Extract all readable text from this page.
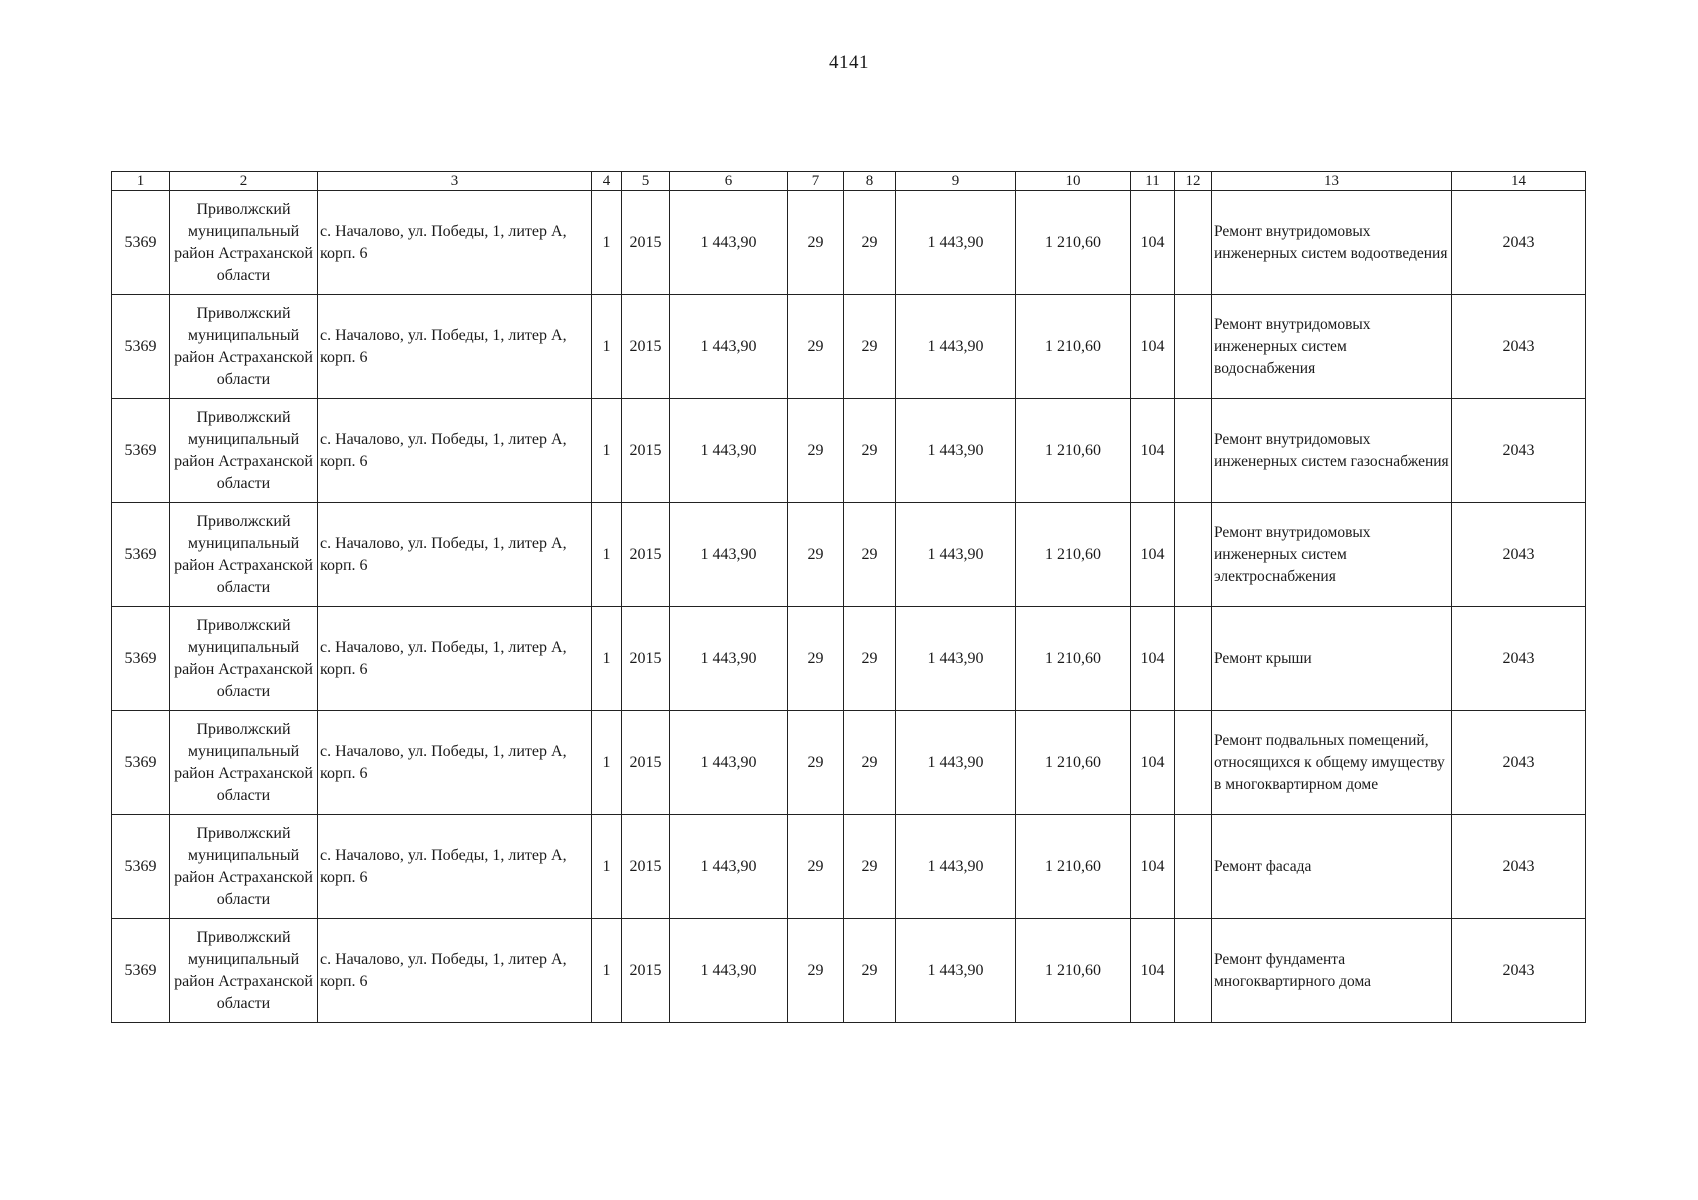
4141
1	2	3	4	5	6	7	8	9	10	11	12	13	14
5369	Приволжский муниципальный район Астраханской области	с. Началово, ул. Победы, 1, литер А, корп. 6	1	2015	1 443,90	29	29	1 443,90	1 210,60	104		Ремонт внутридомовых инженерных систем водоотведения	2043
5369	Приволжский муниципальный район Астраханской области	с. Началово, ул. Победы, 1, литер А, корп. 6	1	2015	1 443,90	29	29	1 443,90	1 210,60	104		Ремонт внутридомовых инженерных систем водоснабжения	2043
5369	Приволжский муниципальный район Астраханской области	с. Началово, ул. Победы, 1, литер А, корп. 6	1	2015	1 443,90	29	29	1 443,90	1 210,60	104		Ремонт внутридомовых инженерных систем газоснабжения	2043
5369	Приволжский муниципальный район Астраханской области	с. Началово, ул. Победы, 1, литер А, корп. 6	1	2015	1 443,90	29	29	1 443,90	1 210,60	104		Ремонт внутридомовых инженерных систем электроснабжения	2043
5369	Приволжский муниципальный район Астраханской области	с. Началово, ул. Победы, 1, литер А, корп. 6	1	2015	1 443,90	29	29	1 443,90	1 210,60	104		Ремонт крыши	2043
5369	Приволжский муниципальный район Астраханской области	с. Началово, ул. Победы, 1, литер А, корп. 6	1	2015	1 443,90	29	29	1 443,90	1 210,60	104		Ремонт подвальных помещений, относящихся к общему имуществу в многоквартирном доме	2043
5369	Приволжский муниципальный район Астраханской области	с. Началово, ул. Победы, 1, литер А, корп. 6	1	2015	1 443,90	29	29	1 443,90	1 210,60	104		Ремонт фасада	2043
5369	Приволжский муниципальный район Астраханской области	с. Началово, ул. Победы, 1, литер А, корп. 6	1	2015	1 443,90	29	29	1 443,90	1 210,60	104		Ремонт фундамента многоквартирного дома	2043
